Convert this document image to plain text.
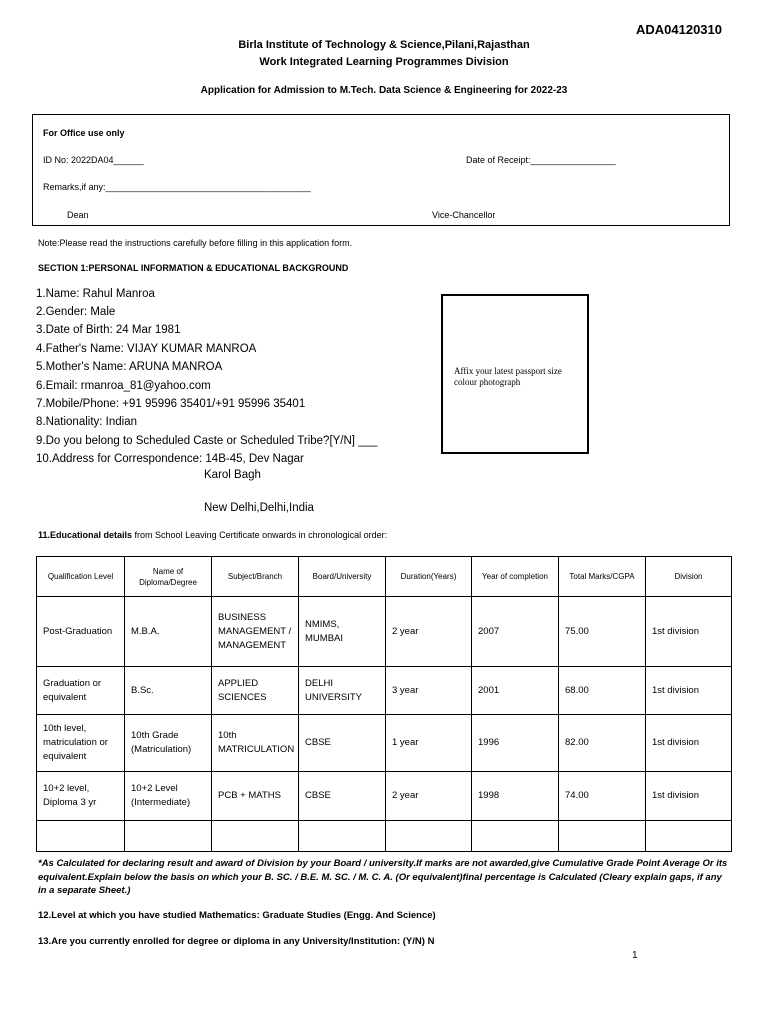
ADA04120310
Birla Institute of Technology & Science,Pilani,Rajasthan
Work Integrated Learning Programmes Division
Application for Admission to M.Tech. Data Science & Engineering for 2022-23
For Office use only
ID No: 2022DA04______	Date of Receipt:_________________
Remarks,if any:_________________________________________
Dean	Vice-Chancellor
Note:Please read the instructions carefully before filling in this application form.
SECTION 1:PERSONAL INFORMATION & EDUCATIONAL BACKGROUND
1.Name: Rahul Manroa
2.Gender: Male
3.Date of Birth: 24 Mar 1981
4.Father's Name: VIJAY KUMAR MANROA
5.Mother's Name: ARUNA MANROA
6.Email: rmanroa_81@yahoo.com
7.Mobile/Phone: +91 95996 35401/+91 95996 35401
8.Nationality: Indian
9.Do you belong to Scheduled Caste or Scheduled Tribe?[Y/N] ___
10.Address for Correspondence: 14B-45, Dev Nagar
Karol Bagh
New Delhi,Delhi,India
Affix your latest passport size colour photograph
11.Educational details from School Leaving Certificate onwards in chronological order:
Qualification Level	Name of Diploma/Degree	Subject/Branch	Board/University	Duration(Years)	Year of completion	Total Marks/CGPA	Division
Post-Graduation	M.B.A.	BUSINESS MANAGEMENT / MANAGEMENT	NMIMS, MUMBAI	2 year	2007	75.00	1st division
Graduation or equivalent	B.Sc.	APPLIED SCIENCES	DELHI UNIVERSITY	3 year	2001	68.00	1st division
10th level, matriculation or equivalent	10th Grade (Matriculation)	10th MATRICULATION	CBSE	1 year	1996	82.00	1st division
10+2 level, Diploma 3 yr	10+2 Level (Intermediate)	PCB + MATHS	CBSE	2 year	1998	74.00	1st division

*As Calculated for declaring result and award of Division by your Board / university.If marks are not awarded,give Cumulative Grade Point Average Or its equivalent.Explain below the basis on which your B. SC. / B.E. M. SC. / M. C. A. (Or equivalent)final percentage is Calculated (Cleary explain gaps, if any in a separate Sheet.)
12.Level at which you have studied Mathematics: Graduate Studies (Engg. And Science)
13.Are you currently enrolled for degree or diploma in any University/Institution: (Y/N) N
1
